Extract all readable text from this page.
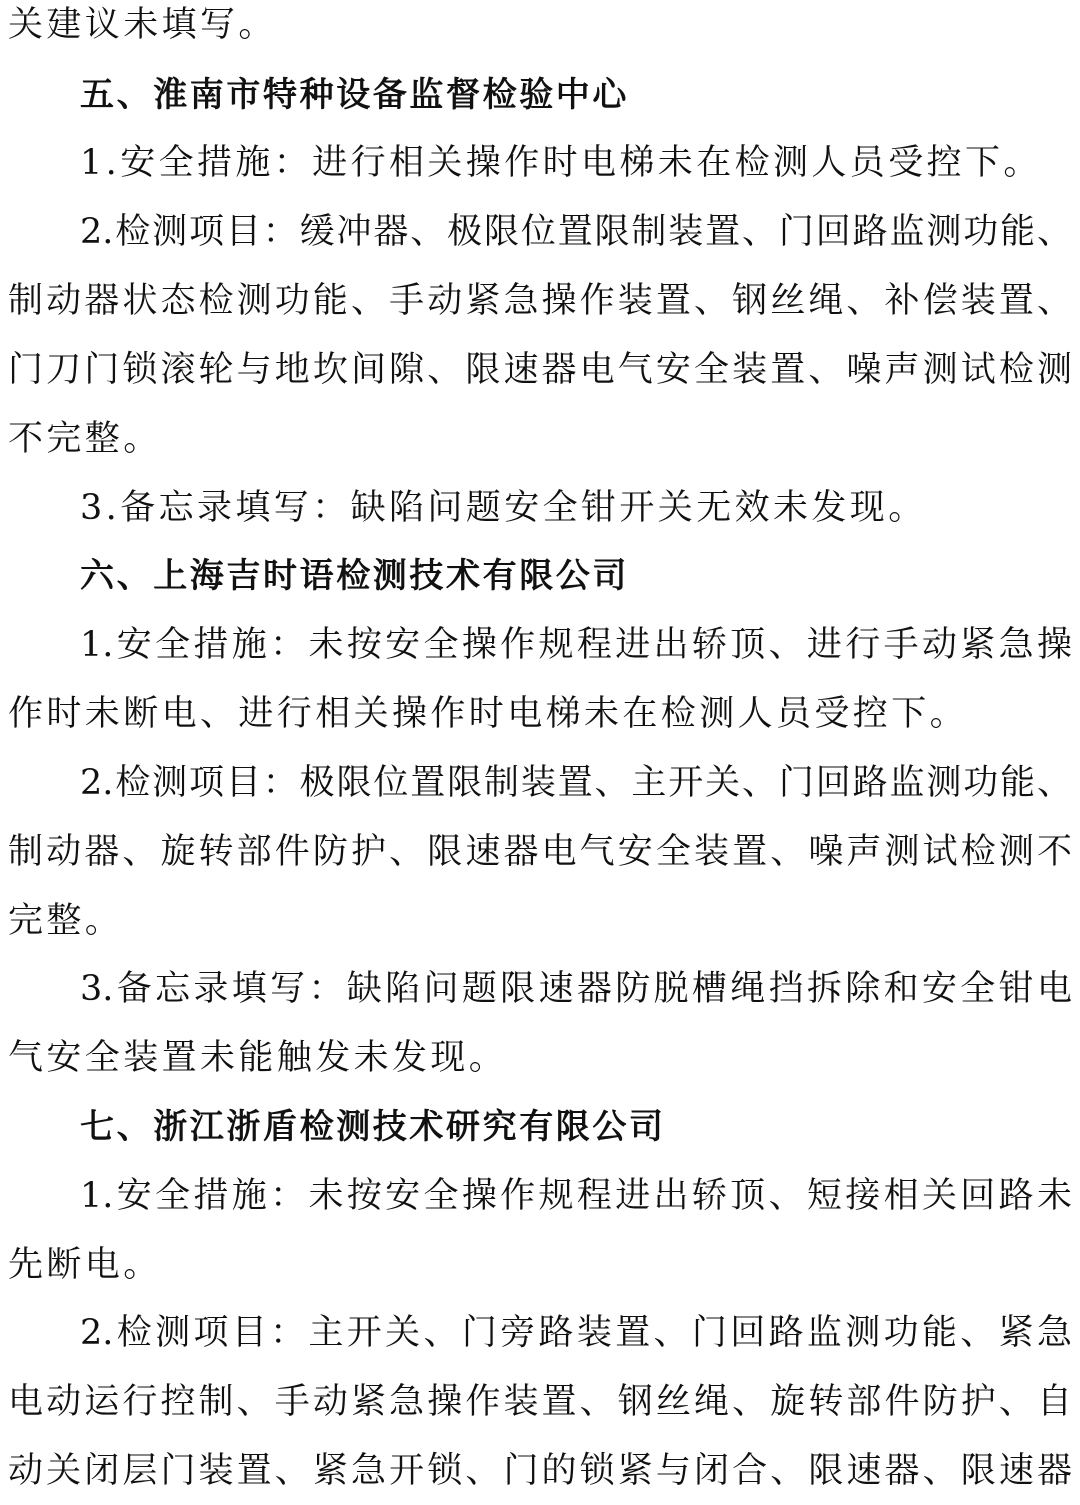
关建议未填写。
五、淮南市特种设备监督检验中心
1.安全措施：进行相关操作时电梯未在检测人员受控下。
2.检测项目：缓冲器、极限位置限制装置、门回路监测功能、
制动器状态检测功能、手动紧急操作装置、钢丝绳、补偿装置、
门刀门锁滚轮与地坎间隙、限速器电气安全装置、噪声测试检测
不完整。
3.备忘录填写：缺陷问题安全钳开关无效未发现。
六、上海吉时语检测技术有限公司
1.安全措施：未按安全操作规程进出轿顶、进行手动紧急操
作时未断电、进行相关操作时电梯未在检测人员受控下。
2.检测项目：极限位置限制装置、主开关、门回路监测功能、
制动器、旋转部件防护、限速器电气安全装置、噪声测试检测不
完整。
3.备忘录填写：缺陷问题限速器防脱槽绳挡拆除和安全钳电
气安全装置未能触发未发现。
七、浙江浙盾检测技术研究有限公司
1.安全措施：未按安全操作规程进出轿顶、短接相关回路未
先断电。
2.检测项目：主开关、门旁路装置、门回路监测功能、紧急
电动运行控制、手动紧急操作装置、钢丝绳、旋转部件防护、自
动关闭层门装置、紧急开锁、门的锁紧与闭合、限速器、限速器
